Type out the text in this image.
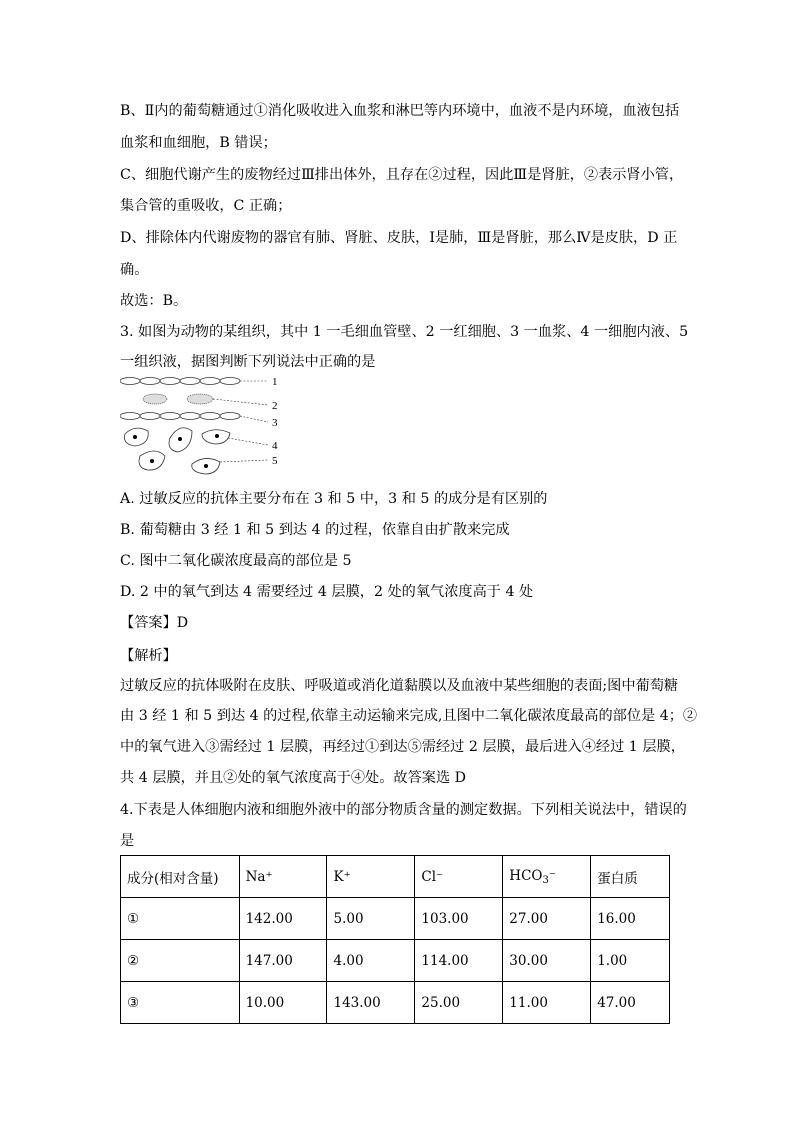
B、Ⅱ内的葡萄糖通过①消化吸收进入血浆和淋巴等内环境中，血液不是内环境，血液包括
血浆和血细胞，B 错误；
C、细胞代谢产生的废物经过Ⅲ排出体外，且存在②过程，因此Ⅲ是肾脏，②表示肾小管，
集合管的重吸收，C 正确；
D、排除体内代谢废物的器官有肺、肾脏、皮肤，Ⅰ是肺，Ⅲ是肾脏，那么Ⅳ是皮肤，D 正
确。
故选：B。
3. 如图为动物的某组织，其中 1 一毛细血管壁、2 一红细胞、3 一血浆、4 一细胞内液、5
一组织液，据图判断下列说法中正确的是
1
2
3
4
5
A. 过敏反应的抗体主要分布在 3 和 5 中，3 和 5 的成分是有区别的
B. 葡萄糖由 3 经 1 和 5 到达 4 的过程，依靠自由扩散来完成
C. 图中二氧化碳浓度最高的部位是 5
D. 2 中的氧气到达 4 需要经过 4 层膜，2 处的氧气浓度高于 4 处
【答案】D
【解析】
过敏反应的抗体吸附在皮肤、呼吸道或消化道黏膜以及血液中某些细胞的表面;图中葡萄糖
由 3 经 1 和 5 到达 4 的过程,依靠主动运输来完成,且图中二氧化碳浓度最高的部位是 4；②
中的氧气进入③需经过 1 层膜，再经过①到达⑤需经过 2 层膜，最后进入④经过 1 层膜，
共 4 层膜，并且②处的氧气浓度高于④处。故答案选 D
4.下表是人体细胞内液和细胞外液中的部分物质含量的测定数据。下列相关说法中，错误的
是
成分(相对含量)	Na⁺	K⁺	Cl⁻	$HCO_3^-$	蛋白质
①	142.00	5.00	103.00	27.00	16.00
②	147.00	4.00	114.00	30.00	1.00
③	10.00	143.00	25.00	11.00	47.00
